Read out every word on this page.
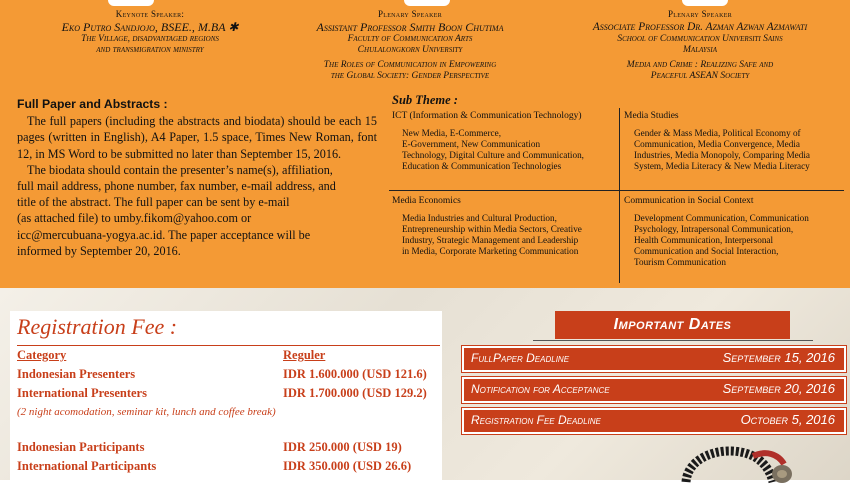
Keynote Speaker:
Eko Putro Sandjojo, BSEE., M.BA ✱
The Village, disadvantaged regions
and transmigration ministry
Plenary Speaker
Assistant Professor Smith Boon Chutima
Faculty of Communication Arts
Chulalongkorn University
The Roles of Communication in Empowering
the Global Society: Gender Perspective
Plenary Speaker
Associate Professor Dr. Azman Azwan Azmawati
School of Communication Universiti Sains
Malaysia
Media and Crime : Realizing Safe and
Peaceful ASEAN Society
Full Paper and Abstracts :

The full papers (including the abstracts and biodata) should be each 15 pages (written in English), A4 Paper, 1.5 space, Times New Roman, font 12, in MS Word to be submitted no later than September 15, 2016.

The biodata should contain the presenter’s name(s), affiliation,
full mail address, phone number, fax number, e-mail address, and
title of the abstract. The full paper can be sent by e-mail
(as attached file) to umby.fikom@yahoo.com or
icc@mercubuana-yogya.ac.id. The paper acceptance will be
informed by September 20, 2016.
Sub Theme :
ICT (Information & Communication Technology)
New Media, E-Commerce,
E-Government, New Communication
Technology, Digital Culture and Communication,
Education & Communication Technologies
Media Studies
Gender & Mass Media, Political Economy of
Communication, Media Convergence, Media
Industries, Media Monopoly, Comparing Media
System, Media Literacy & New Media Literacy
Media Economics
Media Industries and Cultural Production,
Entrepreneurship within Media Sectors, Creative
Industry, Strategic Management and Leadership
in Media, Corporate Marketing Communication
Communication in Social Context
Development Communication, Communication
Psychology, Intrapersonal Communication,
Health Communication, Interpersonal
Communication and Social Interaction,
Tourism Communication
Registration Fee :
Category	Reguler
Indonesian Presenters	IDR 1.600.000 (USD 121.6)
International Presenters	IDR 1.700.000 (USD 129.2)
(2 night acomodation, seminar kit, lunch and coffee break)
Indonesian Participants	IDR 250.000 (USD 19)
International Participants	IDR 350.000 (USD 26.6)
Important Dates
FullPaper Deadline	September 15, 2016
Notification for Acceptance	September 20, 2016
Registration Fee Deadline	October 5, 2016
